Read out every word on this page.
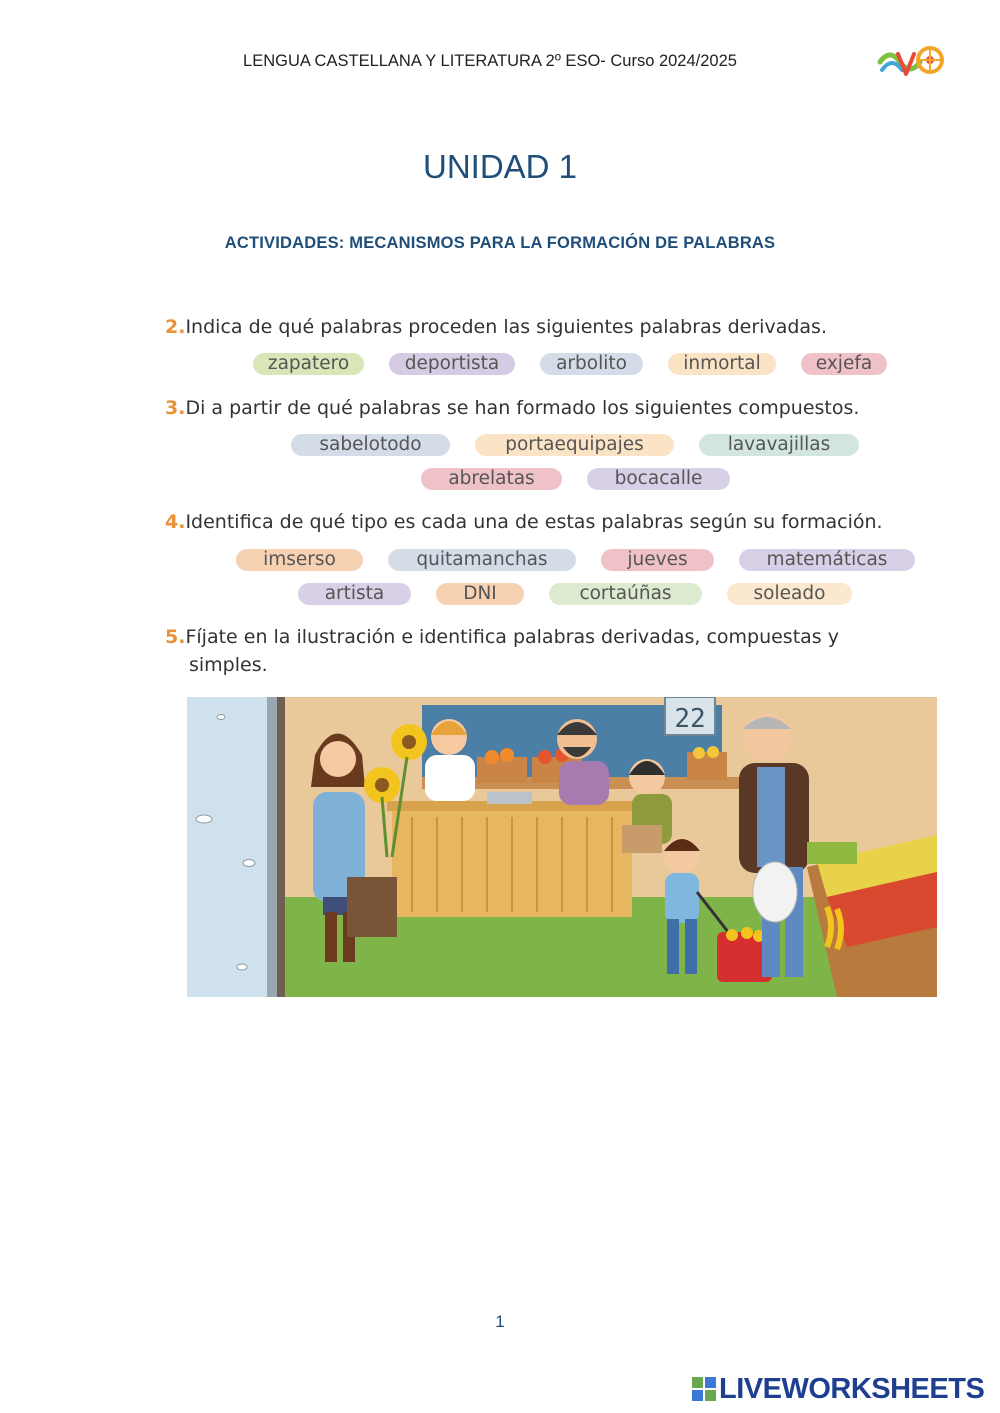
LENGUA CASTELLANA Y LITERATURA 2º ESO- Curso 2024/2025
UNIDAD 1
ACTIVIDADES: MECANISMOS PARA LA FORMACIÓN DE PALABRAS
2.Indica de qué palabras proceden las siguientes palabras derivadas.
zapatero	deportista	arbolito	inmortal	exjefa
3.Di a partir de qué palabras se han formado los siguientes compuestos.
sabelotodo	portaequipajes	lavavajillas
abrelatas	bocacalle
4.Identifica de qué tipo es cada una de estas palabras según su formación.
imserso	quitamanchas	jueves	matemáticas
artista	DNI	cortaúñas	soleado
5.Fíjate en la ilustración e identifica palabras derivadas, compuestas y
simples.
22
1
LIVEWORKSHEETS
